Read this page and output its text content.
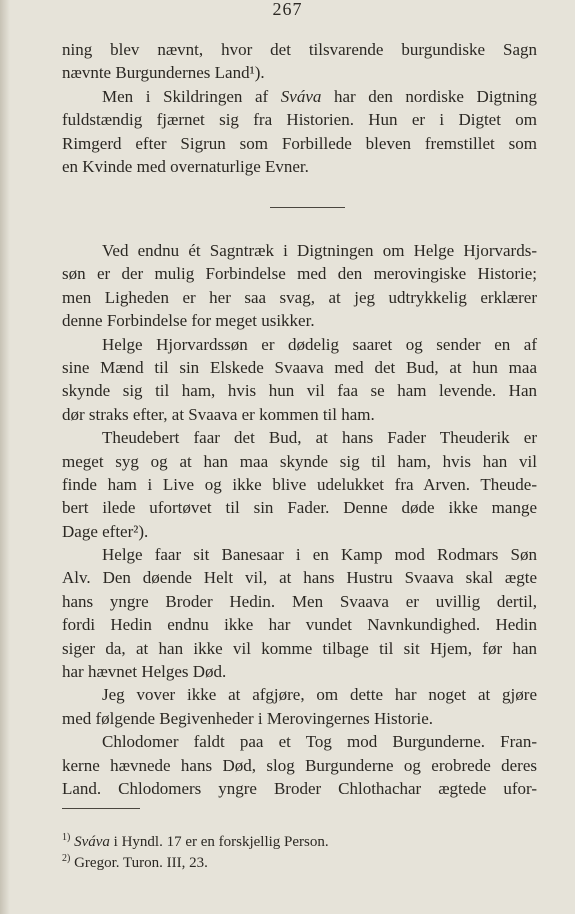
267
ning blev nævnt, hvor det tilsvarende burgundiske Sagn
nævnte Burgundernes Land¹).
Men i Skildringen af Sváva har den nordiske Digtning
fuldstændig fjærnet sig fra Historien. Hun er i Digtet om
Rimgerd efter Sigrun som Forbillede bleven fremstillet som
en Kvinde med overnaturlige Evner.
Ved endnu ét Sagntræk i Digtningen om Helge Hjorvards-
søn er der mulig Forbindelse med den merovingiske Historie;
men Ligheden er her saa svag, at jeg udtrykkelig erklærer
denne Forbindelse for meget usikker.
Helge Hjorvardssøn er dødelig saaret og sender en af
sine Mænd til sin Elskede Svaava med det Bud, at hun maa
skynde sig til ham, hvis hun vil faa se ham levende. Han
dør straks efter, at Svaava er kommen til ham.
Theudebert faar det Bud, at hans Fader Theuderik er
meget syg og at han maa skynde sig til ham, hvis han vil
finde ham i Live og ikke blive udelukket fra Arven. Theude-
bert ilede ufortøvet til sin Fader. Denne døde ikke mange
Dage efter²).
Helge faar sit Banesaar i en Kamp mod Rodmars Søn
Alv. Den døende Helt vil, at hans Hustru Svaava skal ægte
hans yngre Broder Hedin. Men Svaava er uvillig dertil,
fordi Hedin endnu ikke har vundet Navnkundighed. Hedin
siger da, at han ikke vil komme tilbage til sit Hjem, før han
har hævnet Helges Død.
Jeg vover ikke at afgjøre, om dette har noget at gjøre
med følgende Begivenheder i Merovingernes Historie.
Chlodomer faldt paa et Tog mod Burgunderne. Fran-
kerne hævnede hans Død, slog Burgunderne og erobrede deres
Land. Chlodomers yngre Broder Chlothachar ægtede ufor-
$^{1)}$ Sváva i Hyndl. 17 er en forskjellig Person.
$^{2)}$ Gregor. Turon. III, 23.
